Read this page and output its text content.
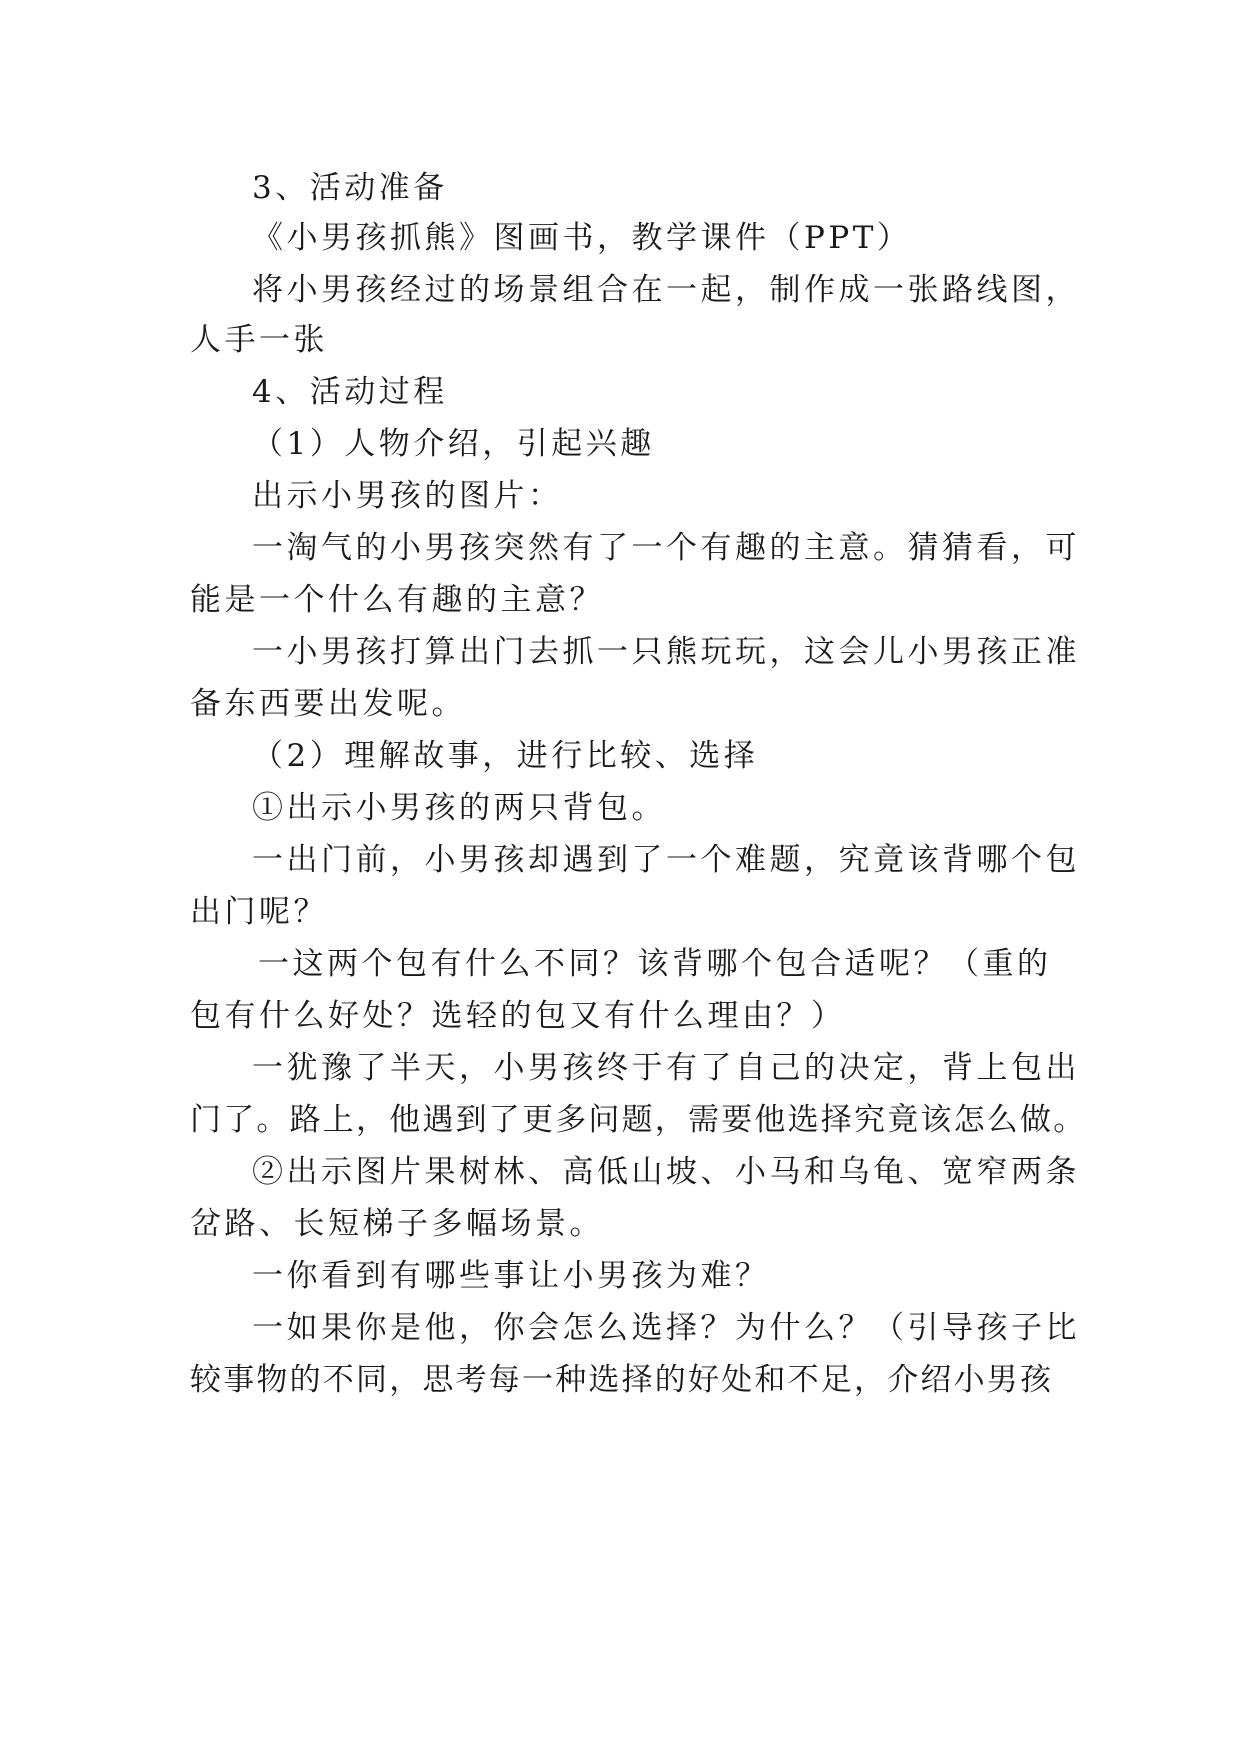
3、活动准备
《小男孩抓熊》图画书，教学课件（PPT）
将小男孩经过的场景组合在一起，制作成一张路线图，
人手一张
4、活动过程
（1）人物介绍，引起兴趣
出示小男孩的图片：
一淘气的小男孩突然有了一个有趣的主意。猜猜看，可
能是一个什么有趣的主意？
一小男孩打算出门去抓一只熊玩玩，这会儿小男孩正准
备东西要出发呢。
（2）理解故事，进行比较、选择
①出示小男孩的两只背包。
一出门前，小男孩却遇到了一个难题，究竟该背哪个包
出门呢？
一这两个包有什么不同？该背哪个包合适呢？（重的
包有什么好处？选轻的包又有什么理由？）
一犹豫了半天，小男孩终于有了自己的决定，背上包出
门了。路上，他遇到了更多问题，需要他选择究竟该怎么做。
②出示图片果树林、高低山坡、小马和乌龟、宽窄两条
岔路、长短梯子多幅场景。
一你看到有哪些事让小男孩为难？
一如果你是他，你会怎么选择？为什么？（引导孩子比
较事物的不同，思考每一种选择的好处和不足，介绍小男孩
